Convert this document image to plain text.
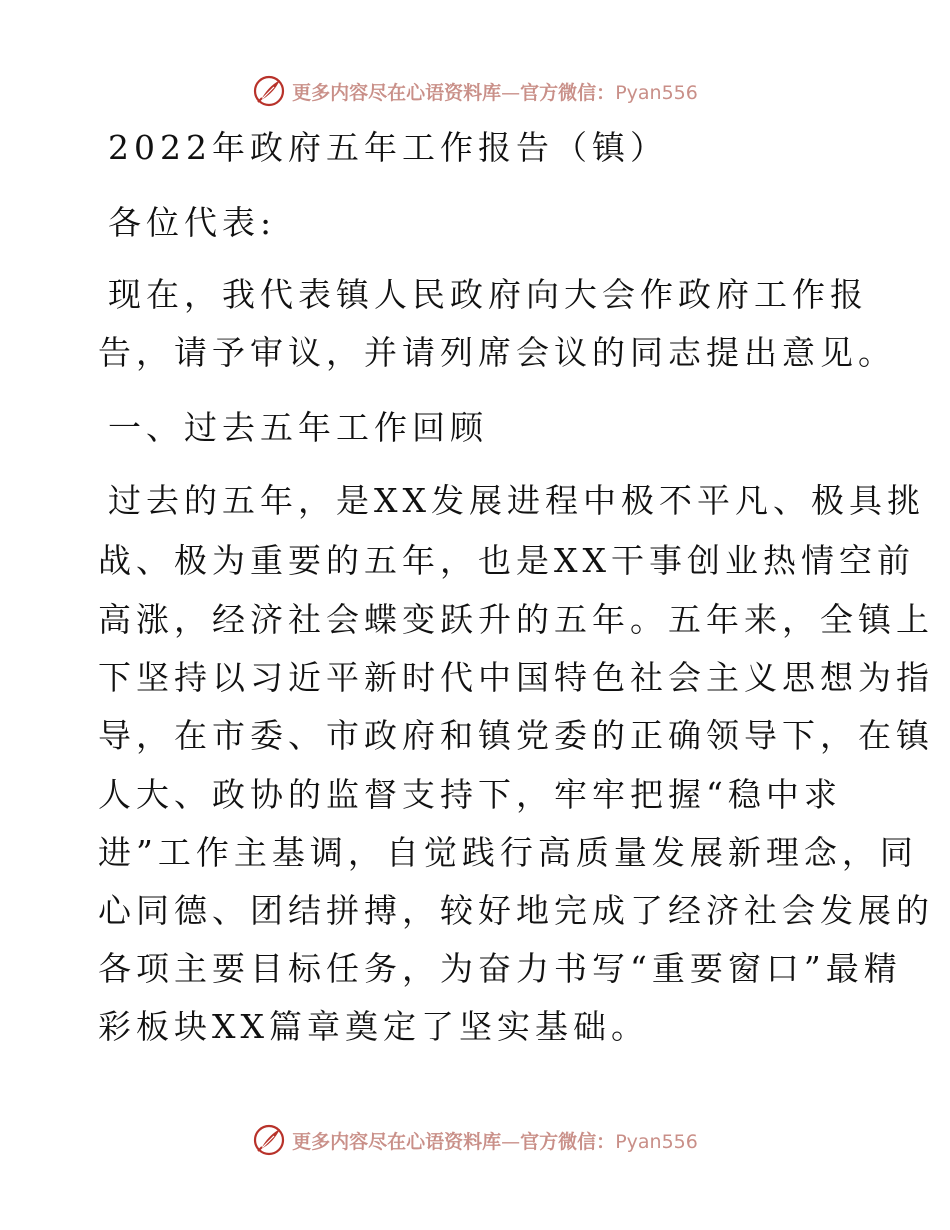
更多内容尽在心语资料库—官方微信：Pyan556
2022年政府五年工作报告（镇）
各位代表:
现在，我代表镇人民政府向大会作政府工作报
告，请予审议，并请列席会议的同志提出意见。
一、过去五年工作回顾
过去的五年，是XX发展进程中极不平凡、极具挑
战、极为重要的五年，也是XX干事创业热情空前
高涨，经济社会蝶变跃升的五年。五年来，全镇上
下坚持以习近平新时代中国特色社会主义思想为指
导，在市委、市政府和镇党委的正确领导下，在镇
人大、政协的监督支持下，牢牢把握“稳中求
进”工作主基调，自觉践行高质量发展新理念，同
心同德、团结拼搏，较好地完成了经济社会发展的
各项主要目标任务，为奋力书写“重要窗口”最精
彩板块XX篇章奠定了坚实基础。
更多内容尽在心语资料库—官方微信：Pyan556
